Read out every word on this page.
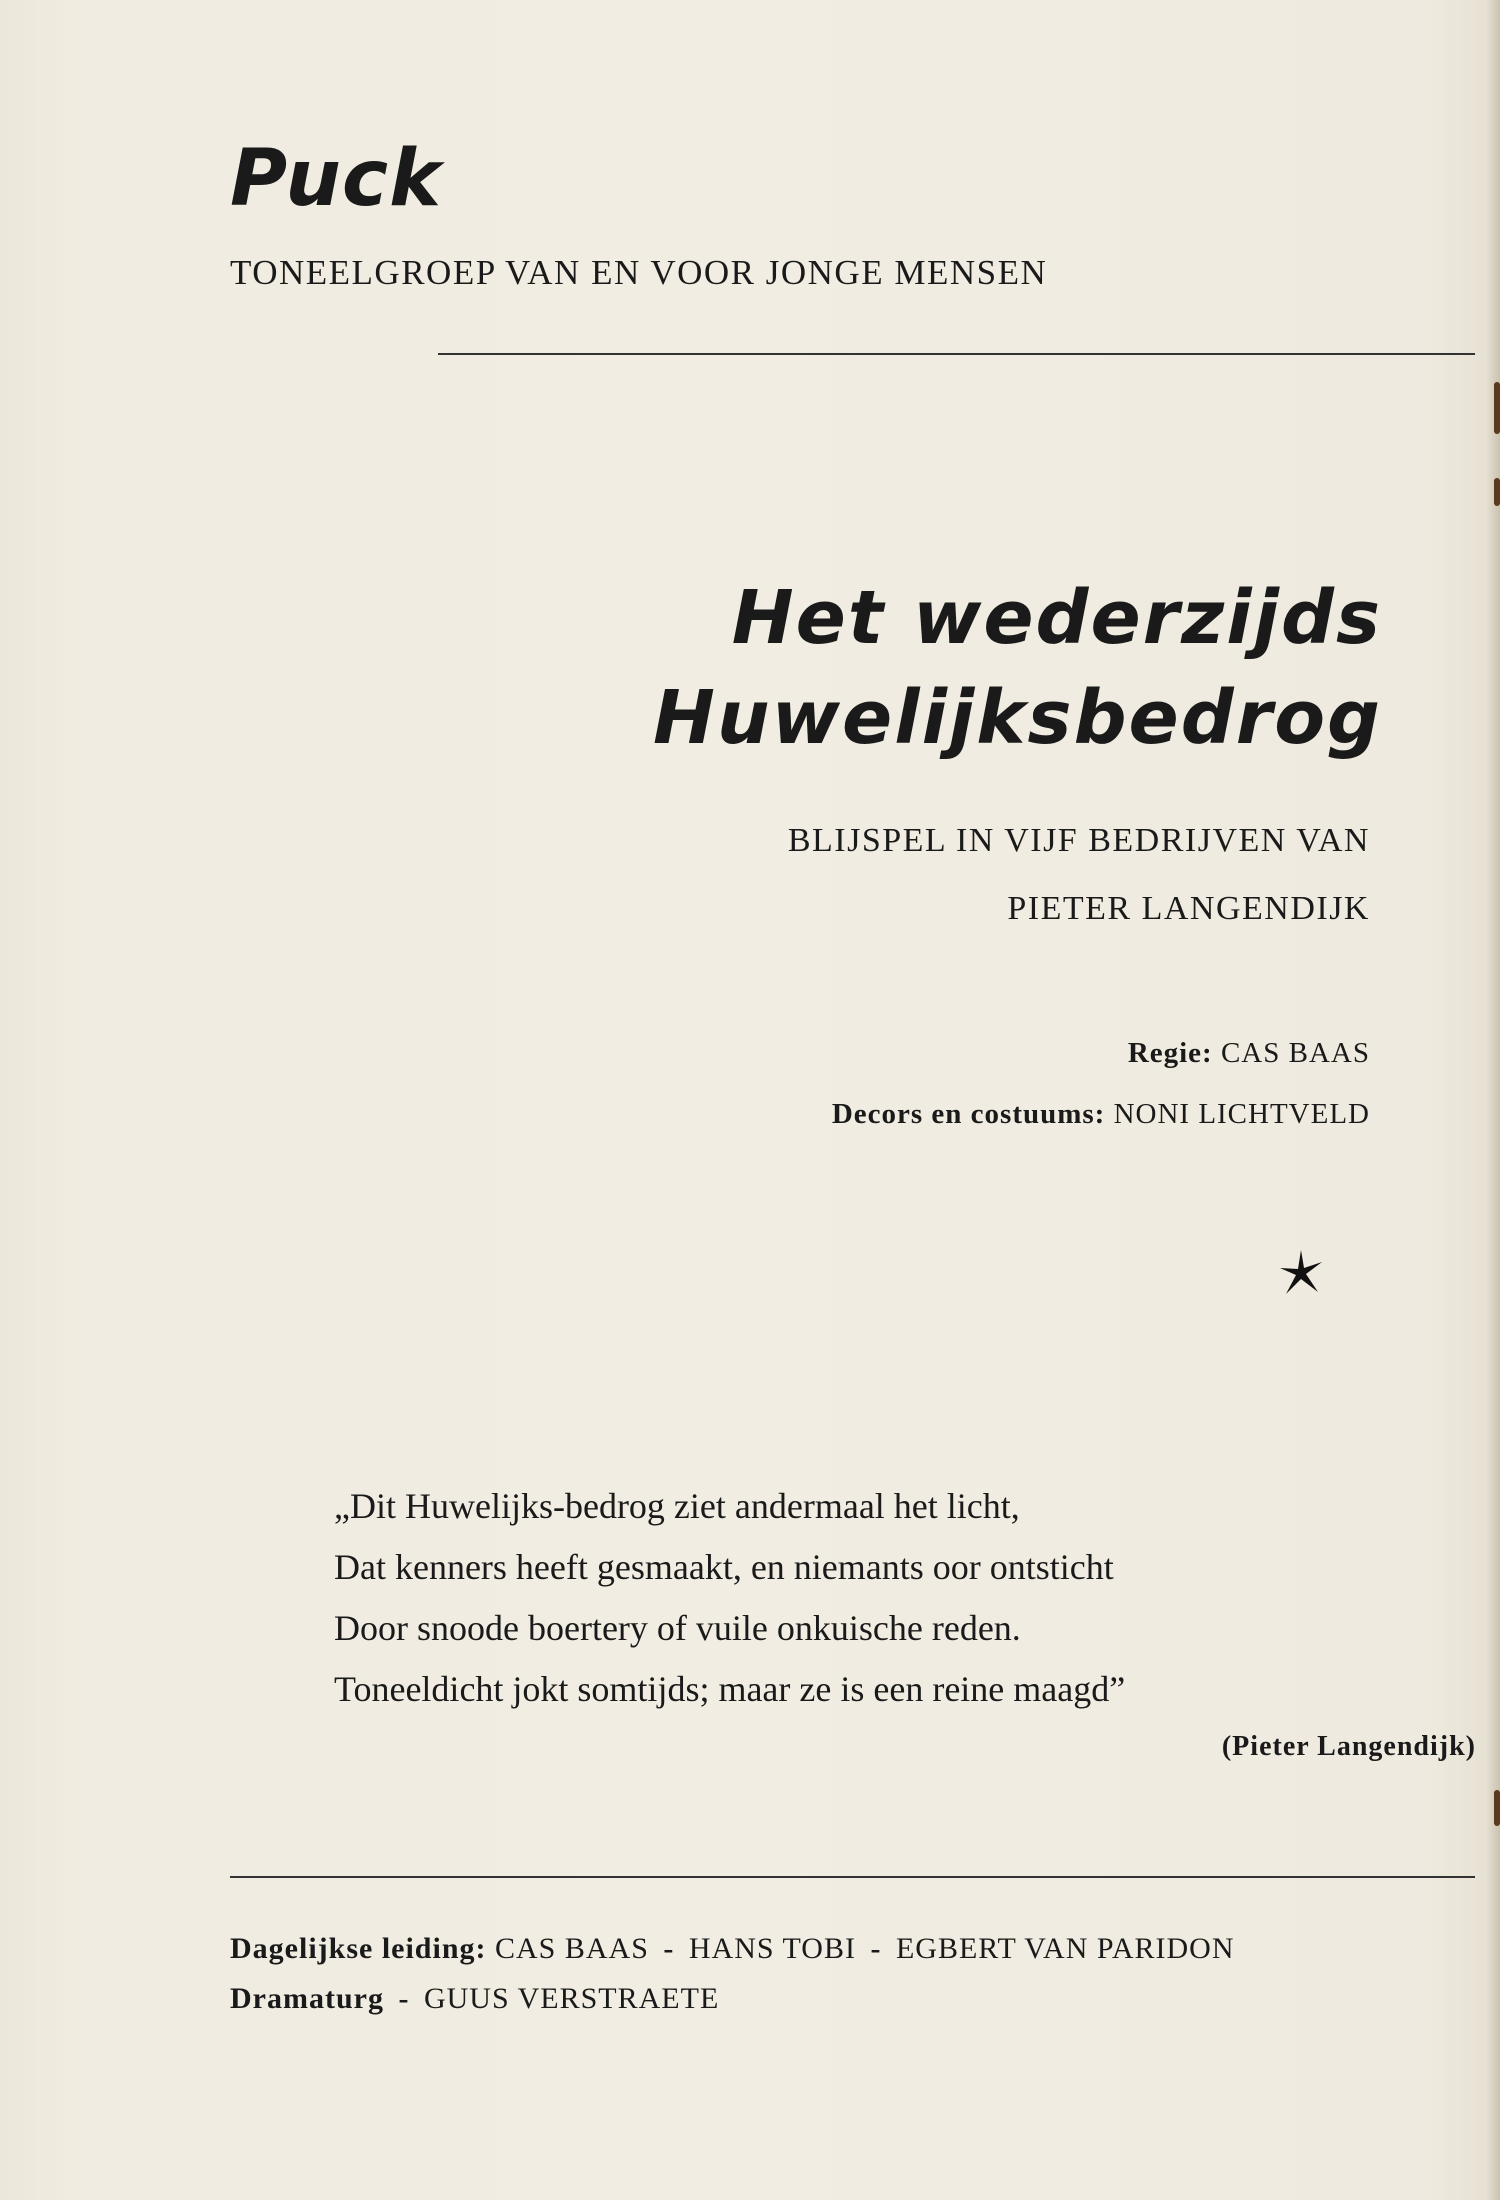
Puck

TONEELGROEP VAN EN VOOR JONGE MENSEN

Het wederzijds
Huwelijksbedrog

BLIJSPEL IN VIJF BEDRIJVEN VAN

PIETER LANGENDIJK

Regie: CAS BAAS

Decors en costuums: NONI LICHTVELD

„Dit Huwelijks-bedrog ziet andermaal het licht,
Dat kenners heeft gesmaakt, en niemants oor ontsticht
Door snoode boertery of vuile onkuische reden.
Toneeldicht jokt somtijds; maar ze is een reine maagd”

(Pieter Langendijk)

Dagelijkse leiding: CAS BAAS - HANS TOBI - EGBERT VAN PARIDON

Dramaturg - GUUS VERSTRAETE
